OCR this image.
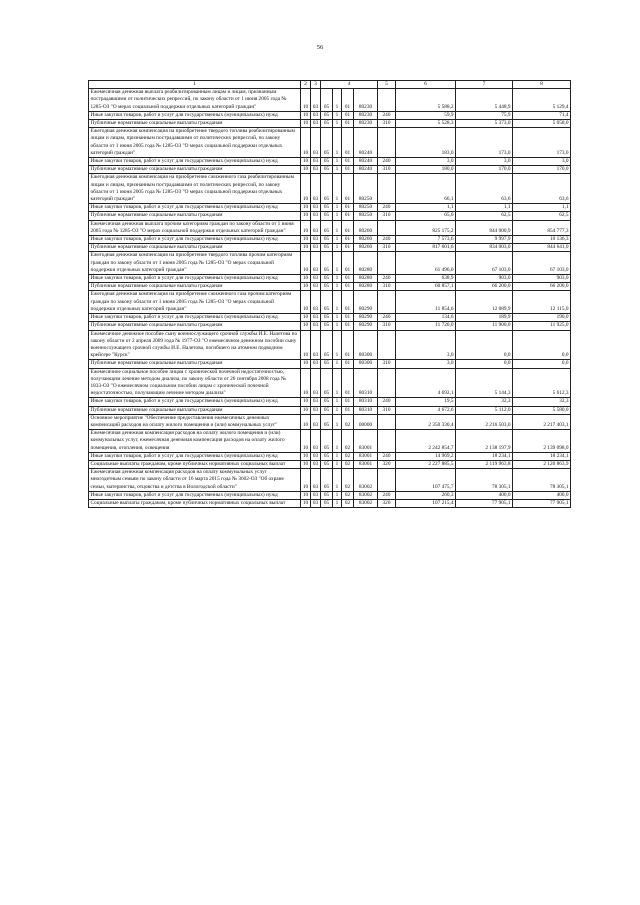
56
1	2	3	4				5	6	7	8
Ежемесячная денежная выплата реабилитированным лицам и лицам, признанным пострадавшими от политических репрессий, по закону области от 1 июня 2005 года № 1285-ОЗ "О мерах социальной поддержки отдельных категорий граждан"	10	03	05	1	01	80230		5 588,2	5 448,9	5 129,4
Иные закупки товаров, работ и услуг для государственных (муниципальных) нужд	10	03	05	1	01	80230	240	59,9	75,9	71,4
Публичные нормативные социальные выплаты гражданам	10	03	05	1	01	80230	310	5 528,3	5 373,0	5 058,0
Ежегодная денежная компенсация на приобретение твердого топлива реабилитированным лицам и лицам, признанным пострадавшими от политических репрессий, по закону области от 1 июня 2005 года № 1285-ОЗ "О мерах социальной поддержки отдельных категорий граждан"	10	03	05	1	01	80240		183,0	173,0	173,0
Иные закупки товаров, работ и услуг для государственных (муниципальных) нужд	10	03	05	1	01	80240	240	3,0	3,0	3,0
Публичные нормативные социальные выплаты гражданам	10	03	05	1	01	80240	310	180,0	170,0	170,0
Ежегодная денежная компенсация на приобретение сжиженного газа реабилитированным лицам и лицам, признанным пострадавшими от политических репрессий, по закону области от 1 июня 2005 года № 1285-ОЗ "О мерах социальной поддержки отдельных категорий граждан"	10	03	05	1	01	80250		66,1	63,6	63,6
Иные закупки товаров, работ и услуг для государственных (муниципальных) нужд	10	03	05	1	01	80250	240	1,1	1,1	1,1
Публичные нормативные социальные выплаты гражданам	10	03	05	1	01	80250	310	65,0	62,5	62,5
Ежемесячная денежная выплата прочим категориям граждан по закону области от 1 июня 2005 года № 1285-ОЗ "О мерах социальной поддержки отдельных категорий граждан"	10	03	05	1	01	80260		825 175,2	844 000,9	854 777,3
Иные закупки товаров, работ и услуг для государственных (муниципальных) нужд	10	03	05	1	01	80260	240	7 573,6	9 997,9	10 136,3
Публичные нормативные социальные выплаты гражданам	10	03	05	1	01	80260	310	817 601,6	834 003,0	844 641,0
Ежегодная денежная компенсация на приобретение твердого топлива прочим категориям граждан по закону области от 1 июня 2005 года № 1285-ОЗ "О мерах социальной поддержки отдельных категорий граждан"	10	03	05	1	01	80280		61 496,0	67 103,0	67 103,0
Иные закупки товаров, работ и услуг для государственных (муниципальных) нужд	10	03	05	1	01	80280	240	638,9	903,0	903,0
Публичные нормативные социальные выплаты гражданам	10	03	05	1	01	80280	310	60 857,1	66 200,0	66 200,0
Ежегодная денежная компенсация на приобретение сжиженного газа прочим категориям граждан по закону области от 1 июня 2005 года № 1285-ОЗ "О мерах социальной поддержки отдельных категорий граждан"	10	03	05	1	01	80290		11 854,6	12 089,9	12 115,0
Иные закупки товаров, работ и услуг для государственных (муниципальных) нужд	10	03	05	1	01	80290	240	134,6	189,9	190,0
Публичные нормативные социальные выплаты гражданам	10	03	05	1	01	80290	310	11 720,0	11 900,0	11 925,0
Ежемесячное денежное пособие сыну военнослужащего срочной службы И.Е. Налетова по закону области от 2 апреля 2009 года № 1977-ОЗ "О ежемесячном денежном пособии сыну военнослужащего срочной службы И.Е. Налетова, погибшего на атомном подводном крейсере "Курск"	10	03	05	1	01	80300		3,0	0,0	0,0
Публичные нормативные социальные выплаты гражданам	10	03	05	1	01	80300	310	3,0	0,0	0,0
Ежемесячное социальное пособие лицам с хронической почечной недостаточностью, получающим лечение методом диализа, по закону области от 26 сентября 2008 года № 1833-ОЗ "О ежемесячном социальном пособии лицам с хронической почечной недостаточностью, получающим лечение методом диализа"	10	03	05	1	01	80310		4 692,1	5 144,3	5 612,3
Иные закупки товаров, работ и услуг для государственных (муниципальных) нужд	10	03	05	1	01	80310	240	19,5	32,3	32,3
Публичные нормативные социальные выплаты гражданам	10	03	05	1	01	80310	310	4 672,6	5 112,0	5 580,0
Основное мероприятие "Обеспечение предоставления ежемесячных денежных компенсаций расходов на оплату жилого помещения и (или) коммунальных услуг"	10	03	05	1	02	00000		2 350 330,4	2 216 503,0	2 217 403,1
Ежемесячная денежная компенсация расходов на оплату жилого помещения и (или) коммунальных услуг, ежемесячная денежная компенсация расходов на оплату жилого помещения, отопления, освещения	10	03	05	1	02	83001		2 242 854,7	2 138 197,9	2 139 098,0
Иные закупки товаров, работ и услуг для государственных (муниципальных) нужд	10	03	05	1	02	83001	240	14 969,2	18 234,1	18 234,1
Социальные выплаты гражданам, кроме публичных нормативных социальных выплат	10	03	05	1	02	83001	320	2 227 885,5	2 119 963,8	2 120 863,9
Ежемесячная денежная компенсация расходов на оплату коммунальных услуг многодетным семьям по закону области от 16 марта 2015 года № 3602-ОЗ "Об охране семьи, материнства, отцовства и детства в Вологодской области"	10	03	05	1	02	83002		107 475,7	78 305,1	78 305,1
Иные закупки товаров, работ и услуг для государственных (муниципальных) нужд	10	03	05	1	02	83002	240	260,3	400,0	400,0
Социальные выплаты гражданам, кроме публичных нормативных социальных выплат	10	03	05	1	02	83002	320	107 215,4	77 905,1	77 905,1
